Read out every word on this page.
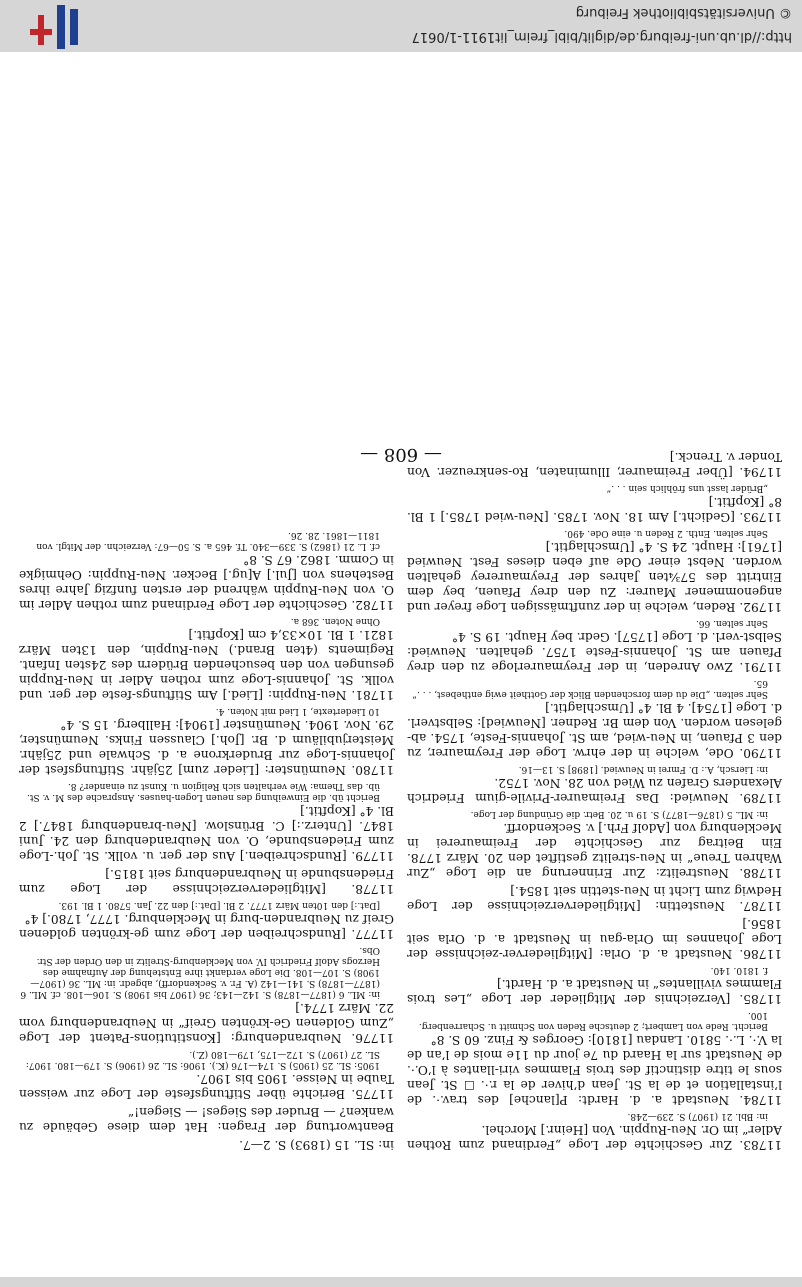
© Universitätsbibliothek Freiburg
http://dl.ub.uni-freiburg.de/diglit/bibl_freim_lit1911-1/0617
— 608 —
11783. Zur Geschichte der Loge „Ferdinand zum Rothen Adler“ im Or. Neu-Ruppin. Von [Heinr.] Morchel.
in: Bbl. 21 (1907) S. 239—248.
11784. Neustadt a. d. Hardt: P[lanche] des trav.·. de l’installation et de la St. Jean d’hiver de la r.·. ☐ St. Jean sous le titre distinctif des trois Flammes viri-llantes à l’O.·. de Neustadt sur la Haard du 7e jour du 11e mois de l’an de la V.·. L.·. 5810. Landau [1810]: Georges & Finz. 60 S. 8°
Bericht. Rede von Lambert; 2 deutsche Reden von Schmitt u. Scharrenberg. 100.
11785. [Verzeichnis der Mitglieder der Loge „Les trois Flammes vivillantes“ in Neustadt a. d. Hardt.]
f. 1810. 140.
11786. Neustadt a. d. Orla: [Mitgliederver-zeichnisse der Loge Johannes im Orla-gau in Neustadt a. d. Orla seit 1856.]
11787. Neustettin: [Mitgliederverzeichnisse der Loge Hedwig zum Licht in Neu-stettin seit 1854.]
11788. Neustrelitz: Zur Erinnerung an die Loge „Zur Wahren Treue“ in Neu-strelitz gestiftet den 20. März 1778. Ein Beitrag zur Geschichte der Freimaurerei in Mecklenburg von [Adolf Frh.] v. Seckendorff.
in: ML. 5 (1876—1877) S. 19 u. 20. Betr. die Gründung der Loge.
11789. Neuwied: Das Freimaurer-Privile-gium Friedrich Alexanders Grafen zu Wied von 28. Nov. 1752.
in: Liersch, A.: D. Fmrei in Neuwied. [1898] S. 13—16.
11790. Ode, welche in der ehrw. Loge der Freymaurer, zu den 3 Pfauen, in Neu-wied, am St. Johannis-Feste, 1754. ab-gelesen worden. Von dem Br. Redner. [Neuwied]: Selbstverl. d. Loge [1754]. 4 Bl. 4° [Umschlagtit.]
Sehr selten. „Die du dem forschenden Blick der Gottheit ewig enthebest, . . .“ 65.
11791. Zwo Anreden, in der Freymaurerloge zu den drey Pfauen am St. Johannis-Feste 1757. gehalten. Neuwied: Selbst-verl. d. Loge [1757]. Gedr. bey Haupt. 19 S. 4°
Sehr selten. 66.
11792. Reden, welche in der zunftmässigen Loge freyer und angenommener Maurer: Zu den drey Pfauen, bey dem Eintritt des 57¾ten Jahres der Freymaurerey gehalten worden. Nebst einer Ode auf eben dieses Fest. Neuwied [1761]: Haupt. 24 S. 4° [Umschlagtit.]
Sehr selten. Enth. 2 Reden u. eine Ode. 490.
11793. [Gedicht.] Am 18. Nov. 1785. [Neu-wied 1785.] 1 Bl. 8° [Kopftit.]
„Brüder lasst uns fröhlich sein . . .“
11794. [Über Freimaurer, Illuminaten, Ro-senkreuzer. Von Tonder v. Trenck.]
in: SL. 15 (1893) S. 2—7.
Beantwortung der Fragen: Hat dem diese Gebäude zu wanken? — Bruder des Sieges! — Siegen!“
11775. Berichte über Stiftungsfeste der Loge zur weissen Taube in Neisse. 1905 bis 1907.
1905: SL. 25 (1905) S. 174—176 (K.). 1906: SL. 26 (1906) S. 179—180. 1907: SL. 27 (1907) S. 172—175, 179—180 (Z.).
11776. Neubrandenburg: [Konstitutions-Patent der Loge „Zum Goldenen Ge-krönten Greif“ in Neubrandenburg vom 22. März 1774.]
in: ML. 6 (1877—1878) S. 142—143; 36 (1907 bis 1908) S. 106—108. cf. ML. 6 (1877—1878) S. 141—142 (A. Fr. v. Seckendorff), abgedr. in: ML. 36 (1907—1908) S. 107—108. Die Loge verdankt ihre Entstehung der Aufnahme des Herzogs Adolf Friedrich IV. von Mecklenburg-Strelitz in den Orden der Str. Obs.
11777. [Rundschreiben der Loge zum ge-krönten goldenen Greif zu Neubranden-burg in Mecklenburg. 1777, 1780.] 4°
[Dat.:] den 10ten März 1777. 2 Bl. [Dat.:] den 22. Jan. 5780. 1 Bl. 193.
11778. [Mitgliederverzeichnisse der Loge zum Friedensbunde in Neubrandenburg seit 1815.]
11779. [Rundschreiben.] Aus der ger. u. vollk. St. Joh.-Loge zum Friedensbunde, O. von Neubrandenburg den 24. Juni 1847. [Unterz.:] C. Brünslow. [Neu-brandenburg 1847.] 2 Bl. 4° [Kopftit.]
Bericht üb. die Einweihung des neuen Logen-hauses. Ansprache des M. v. St. üb. das Thema: Wie verhalten sich Religion u. Kunst zu einander? 8.
11780. Neumünster: [Lieder zum] 25jähr. Stiftungsfest der Johannis-Loge zur Bruderkrone a. d. Schwale und 25jähr. Meisterjubiläum d. Br. [Joh.] Claussen Finks. Neumünster, 29. Nov. 1904. Neumünster [1904]: Hallberg. 15 S. 4°
10 Liedertexte, 1 Lied mit Noten. 4.
11781. Neu-Ruppin: [Lied.] Am Stiftungs-feste der ger. und vollk. St. Johannis-Loge zum rothen Adler in Neu-Ruppin gesungen von den besuchenden Brüdern des 24sten Infant. Regiments (4ten Brand.) Neu-Ruppin, den 13ten März 1821. 1 Bl. 10×33,4 cm [Kopftit.]
Ohne Noten. 368 a.
11782. Geschichte der Loge Ferdinand zum rothen Adler im O. von Neu-Ruppin während der ersten funfzig Jahre ihres Bestehens von [Jul.] A[ug.] Becker. Neu-Ruppin: Oehmigke in Comm. 1862. 67 S. 8°
cf. L. 21 (1862) S. 339—340. Tf. 465 a. S. 50—67: Verzeichn. der Mitgl. von 1811—1861. 28. 26.
